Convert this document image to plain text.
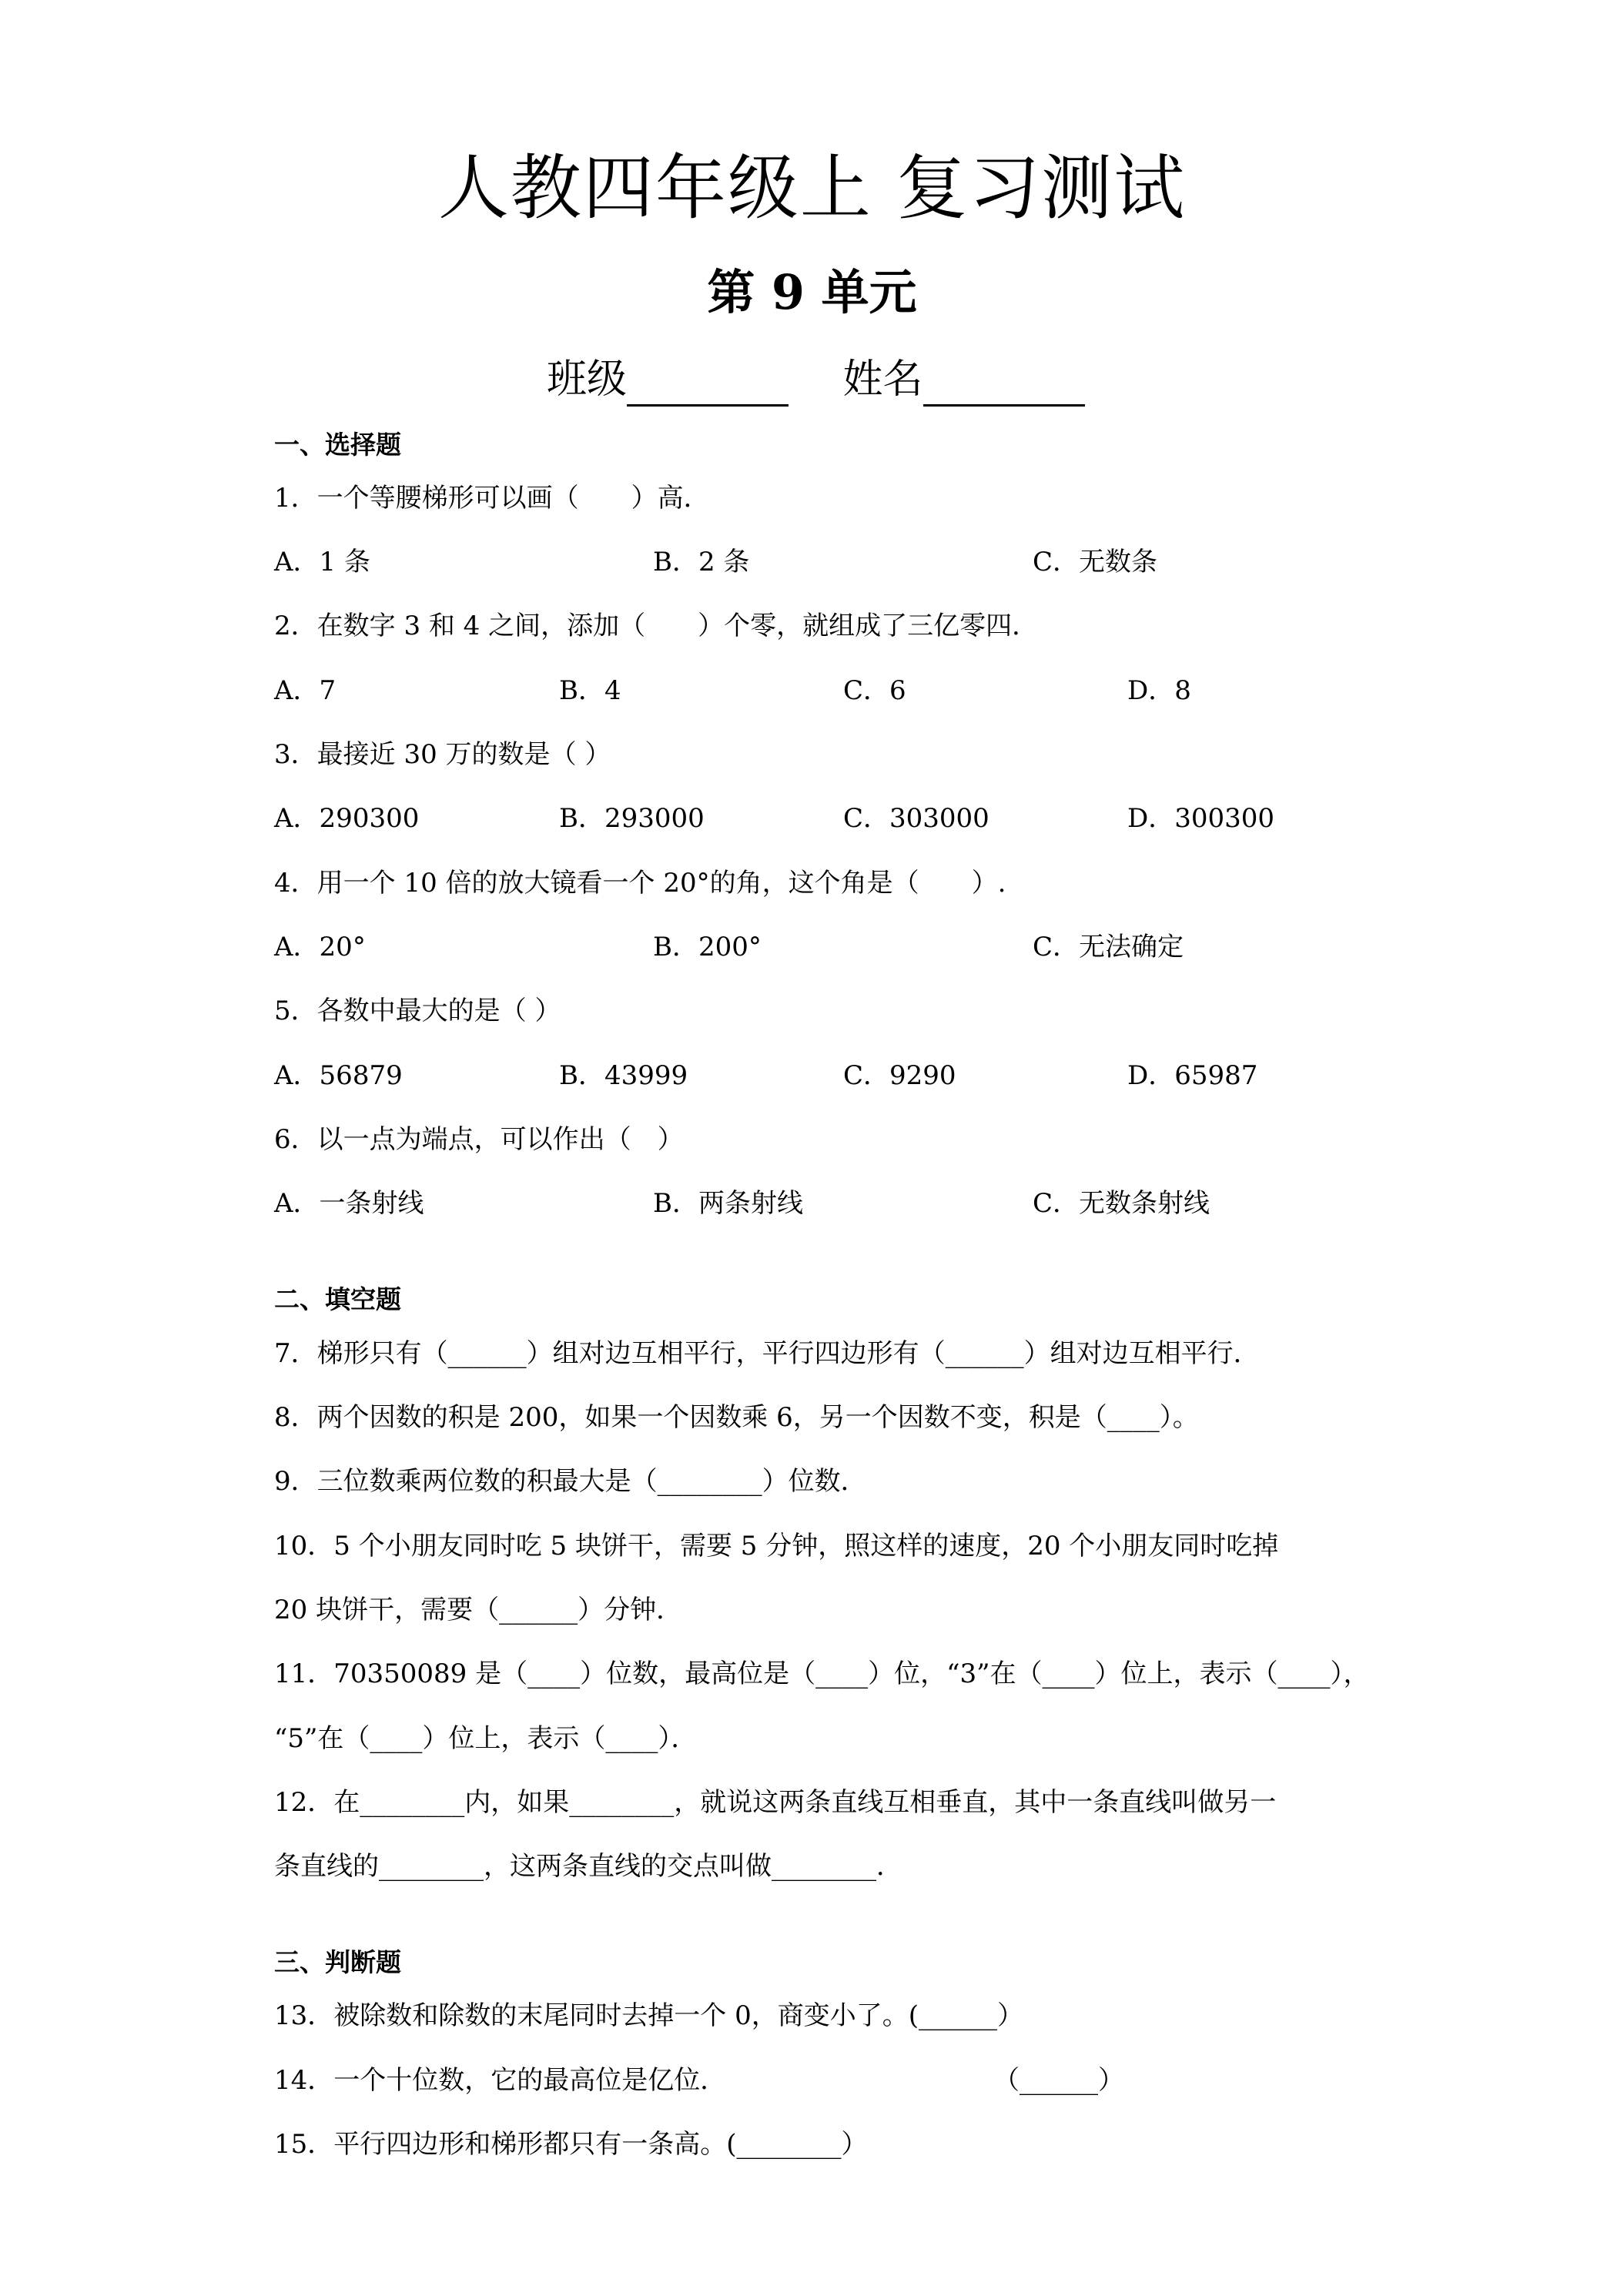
人教四年级上 复习测试
第 9 单元
班级	姓名
一、选择题
1．一个等腰梯形可以画（　　）高．
A．1 条	B．2 条	C．无数条
2．在数字 3 和 4 之间，添加（　　）个零，就组成了三亿零四．
A．7	B．4	C．6	D．8
3．最接近 30 万的数是（ ）
A．290300	B．293000	C．303000	D．300300
4．用一个 10 倍的放大镜看一个 20°的角，这个角是（　　）.
A．20°	B．200°	C．无法确定
5．各数中最大的是（ ）
A．56879	B．43999	C．9290	D．65987
6．以一点为端点，可以作出（　）
A．一条射线	B．两条射线	C．无数条射线
二、填空题
7．梯形只有（______）组对边互相平行，平行四边形有（______）组对边互相平行．
8．两个因数的积是 200，如果一个因数乘 6，另一个因数不变，积是（____）。
9．三位数乘两位数的积最大是（________）位数．
10．5 个小朋友同时吃 5 块饼干，需要 5 分钟，照这样的速度，20 个小朋友同时吃掉
20 块饼干，需要（______）分钟．
11．70350089 是（____）位数，最高位是（____）位，“3”在（____）位上，表示（____），
“5”在（____）位上，表示（____）．
12．在________内，如果________，就说这两条直线互相垂直，其中一条直线叫做另一
条直线的________，这两条直线的交点叫做________．
三、判断题
13．被除数和除数的末尾同时去掉一个 0，商变小了。(______）
14．一个十位数，它的最高位是亿位．	（______）
15．平行四边形和梯形都只有一条高。(________）
